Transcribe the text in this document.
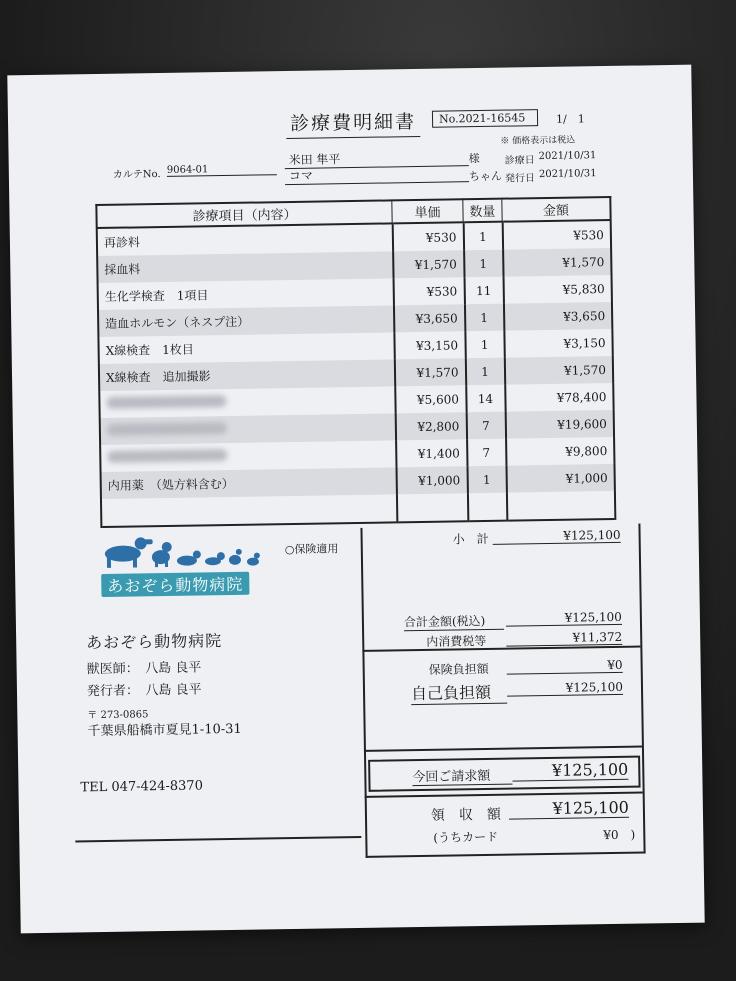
診療費明細書	No.2021-16545	1/　1
※ 価格表示は税込
米田 隼平	様 診療日 2021/10/31
カルテNo. 9064-01	コマ	ちゃん 発行日 2021/10/31
診療項目（内容）	単価	数量	金額
再診料	¥530	1	¥530
採血料	¥1,570	1	¥1,570
生化学検査　1項目	¥530	11	¥5,830
造血ホルモン（ネスプ注）	¥3,650	1	¥3,650
X線検査　1枚目	¥3,150	1	¥3,150
X線検査　追加撮影	¥1,570	1	¥1,570
	¥5,600	14	¥78,400
	¥2,800	7	¥19,600
	¥1,400	7	¥9,800
内用薬　（処方料含む）	¥1,000	1	¥1,000

あおぞら動物病院
○保険適用
あおぞら動物病院
獣医師：　八島 良平
発行者：　八島 良平
〒 273-0865
千葉県船橋市夏見1-10-31
TEL 047-424-8370
小　計	¥125,100
合計金額(税込)	¥125,100
内消費税等	¥11,372
保険負担額	¥0
自己負担額	¥125,100
今回ご請求額	¥125,100
領　収　額	¥125,100
(うちカード	¥0　)
